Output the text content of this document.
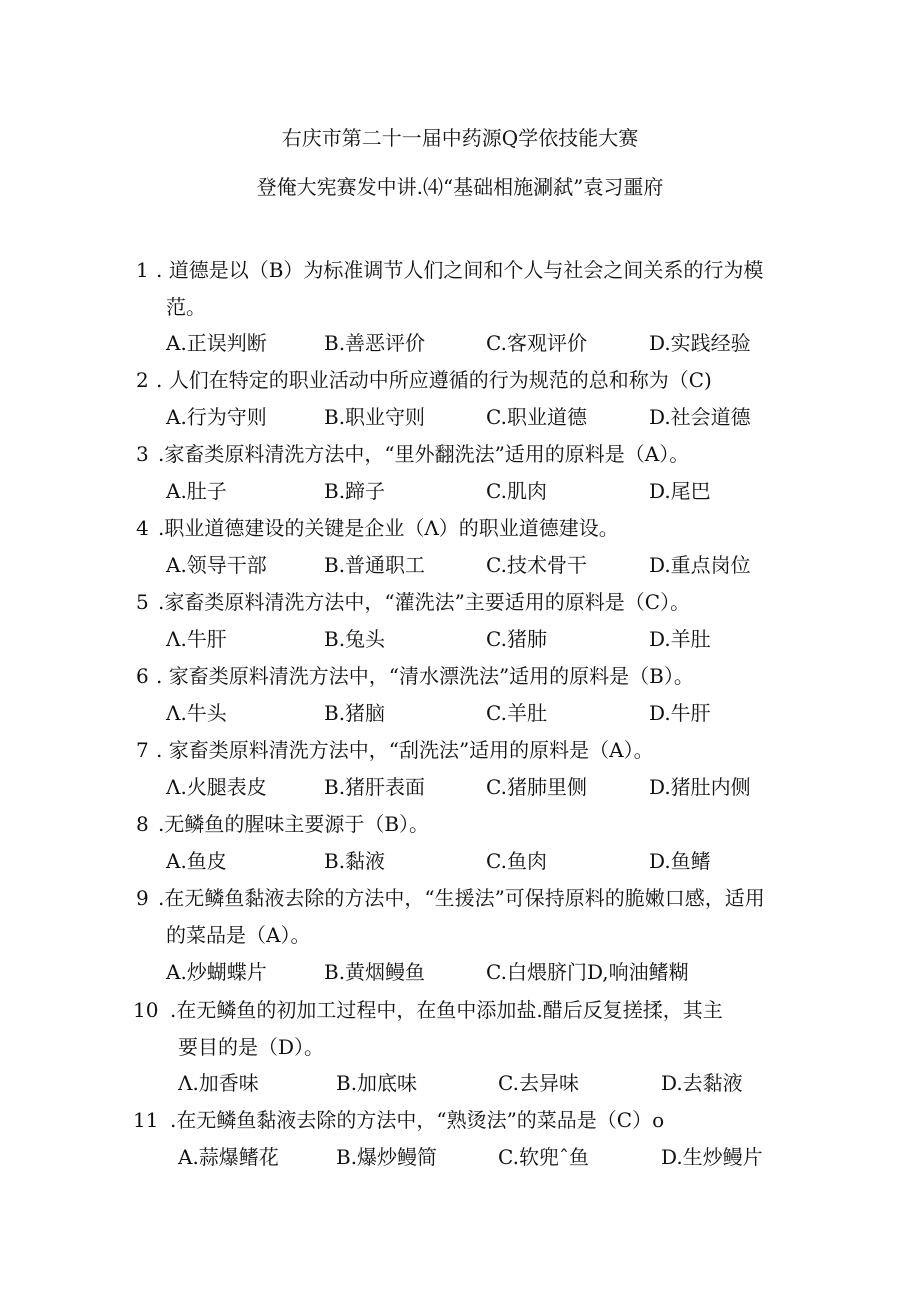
右庆市第二十一届中药源Q学依技能大赛
登俺大宪赛发中讲.⑷“基础相施涮弑”袁习噩府
1 . 道德是以（B）为标准调节人们之间和个人与社会之间关系的行为模
范。
A.正误判断	B.善恶评价	C.客观评价	D.实践经验
2 . 人们在特定的职业活动中所应遵循的行为规范的总和称为（C)
A.行为守则	B.职业守则	C.职业道德	D.社会道德
3 .家畜类原料清洗方法中，“里外翻洗法”适用的原料是（A）。
A.肚子	B.蹄子	C.肌肉	D.尾巴
4 .职业道德建设的关键是企业（Λ）的职业道德建设。
A.领导干部	B.普通职工	C.技术骨干	D.重点岗位
5 .家畜类原料清洗方法中，“灌洗法”主要适用的原料是（C）。
Λ.牛肝	B.兔头	C.猪肺	D.羊肚
6 . 家畜类原料清洗方法中，“清水漂洗法”适用的原料是（B）。
Λ.牛头	B.猪脑	C.羊肚	D.牛肝
7 . 家畜类原料清洗方法中，“刮洗法”适用的原料是（A）。
Λ.火腿表皮	B.猪肝表面	C.猪肺里侧	D.猪肚内侧
8 .无鳞鱼的腥味主要源于（B）。
A.鱼皮	B.黏液	C.鱼肉	D.鱼鳍
9 .在无鳞鱼黏液去除的方法中，“生援法”可保持原料的脆嫩口感，适用
的菜品是（A）。
A.炒蝴蝶片	B.黄烟鳗鱼	C.白煨脐门D,响油鳍糊
10 .在无鳞鱼的初加工过程中，在鱼中添加盐.醋后反复搓揉，其主
要目的是（D）。
Λ.加香味	B.加底味	C.去异味	D.去黏液
11 .在无鳞鱼黏液去除的方法中，“熟烫法”的菜品是（C）o
A.蒜爆鳍花	B.爆炒鳗简	C.软兜ˆ鱼	D.生炒鳗片
